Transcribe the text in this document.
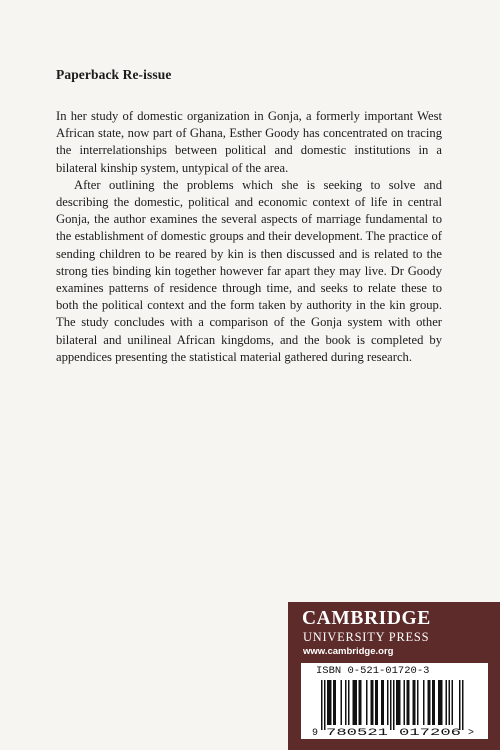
Paperback Re-issue

In her study of domestic organization in Gonja, a formerly important West African state, now part of Ghana, Esther Goody has concentrated on tracing the interrelationships between political and domestic institutions in a bilateral kinship system, untypical of the area.

After outlining the problems which she is seeking to solve and describing the domestic, political and economic context of life in central Gonja, the author examines the several aspects of marriage fundamental to the establishment of domestic groups and their development. The practice of sending children to be reared by kin is then discussed and is related to the strong ties binding kin together however far apart they may live. Dr Goody examines patterns of residence through time, and seeks to relate these to both the political context and the form taken by authority in the kin group. The study concludes with a comparison of the Gonja system with other bilateral and unilineal African kingdoms, and the book is completed by appendices presenting the statistical material gathered during research.

CAMBRIDGE
UNIVERSITY PRESS
www.cambridge.org
ISBN 0-521-01720-3
9 780521 017206 >
